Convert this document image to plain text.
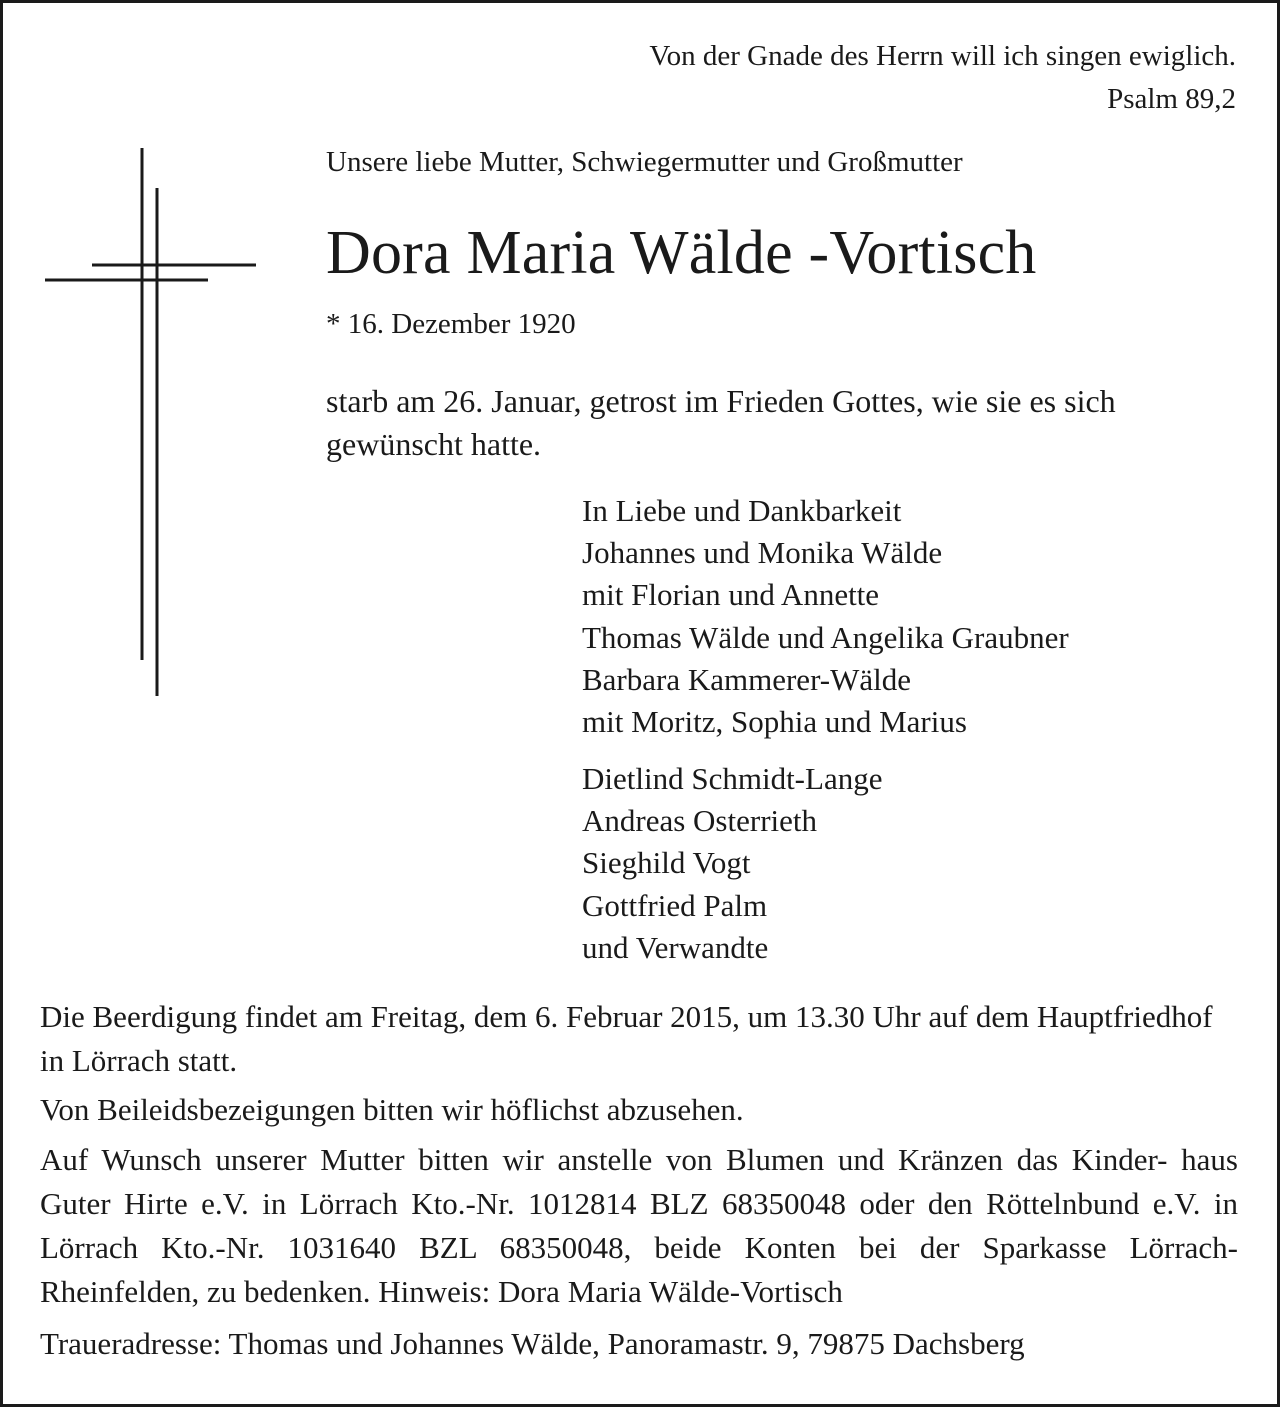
Von der Gnade des Herrn will ich singen ewiglich.
Psalm 89,2
Unsere liebe Mutter, Schwiegermutter und Großmutter
Dora Maria Wälde -Vortisch
* 16. Dezember 1920
starb am 26. Januar, getrost im Frieden Gottes, wie sie es sich gewünscht hatte.
In Liebe und Dankbarkeit
Johannes und Monika Wälde
mit Florian und Annette
Thomas Wälde und Angelika Graubner
Barbara Kammerer-Wälde
mit Moritz, Sophia und Marius
Dietlind Schmidt-Lange
Andreas Osterrieth
Sieghild Vogt
Gottfried Palm
und Verwandte
Die Beerdigung findet am Freitag, dem 6. Februar 2015, um 13.30 Uhr auf dem Hauptfriedhof in Lörrach statt.
Von Beileidsbezeigungen bitten wir höflichst abzusehen.
Auf Wunsch unserer Mutter bitten wir anstelle von Blumen und Kränzen das Kinder- haus Guter Hirte e.V. in Lörrach Kto.-Nr. 1012814 BLZ 68350048 oder den Röttelnbund e.V. in Lörrach Kto.-Nr. 1031640 BZL 68350048, beide Konten bei der Sparkasse Lörrach-Rheinfelden, zu bedenken. Hinweis: Dora Maria Wälde-Vortisch
Traueradresse: Thomas und Johannes Wälde, Panoramastr. 9, 79875 Dachsberg
